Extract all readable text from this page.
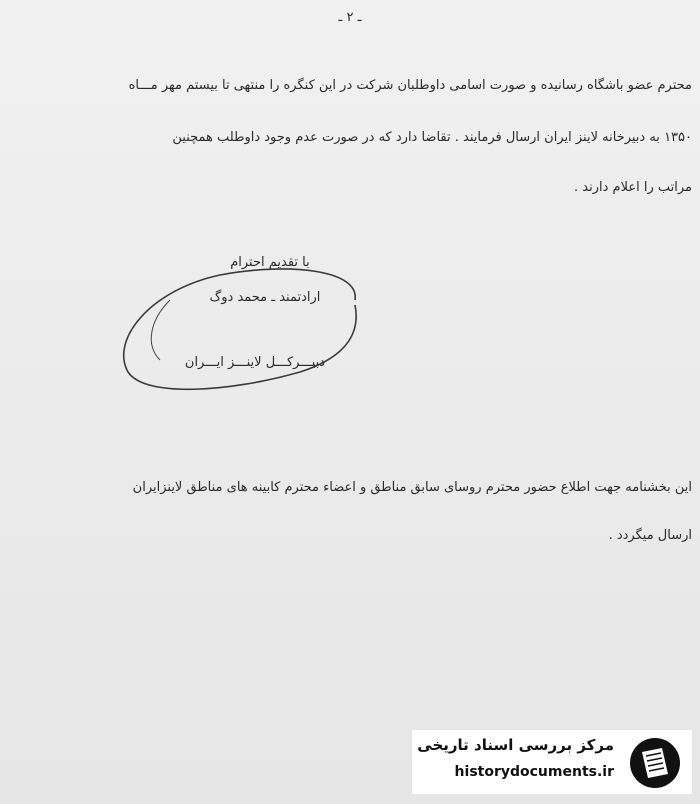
ـ ۲ ـ
محترم عضو باشگاه رسانیده و صورت اسامی داوطلبان شرکت در این کنگره را منتهی تا بیستم مهر مـــاه
۱۳۵۰ به دبیرخانه لاینز ایران ارسال فرمایند . تقاضا دارد که در صورت عدم وجود داوطلب همچنین
مراتب را اعلام دارند .
با تقدیم احترام
ارادتمند ـ محمد دوگ
دبیـــرکـــل لاینـــز ایـــران
این بخشنامه جهت اطلاع حضور محترم روسای سابق مناطق و اعضاء محترم کابینه های مناطق لاینزایران
ارسال میگردد .
مرکز بررسی اسناد تاریخی
historydocuments.ir
